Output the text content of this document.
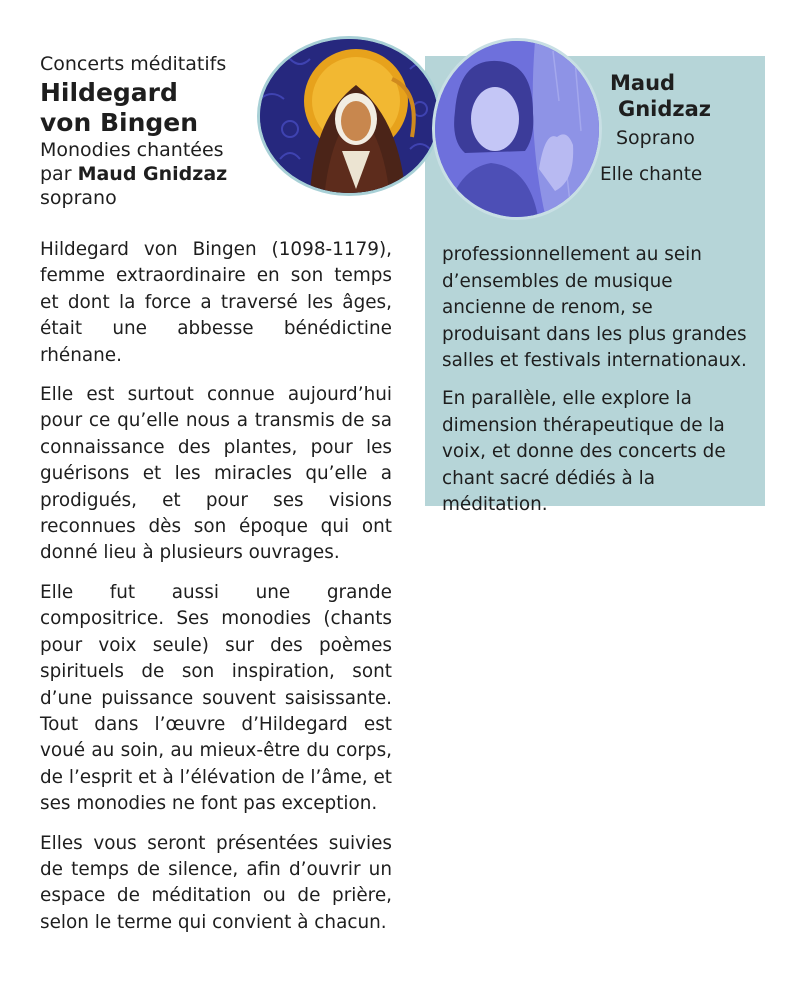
Concerts méditatifs

Hildegard
von Bingen

Monodies chantées

par Maud Gnidzaz

soprano

Hildegard von Bingen (1098-1179), femme extraordinaire en son temps et dont la force a traversé les âges, était une abbesse bénédictine rhénane.

Elle est surtout connue aujourd’hui pour ce qu’elle nous a transmis de sa connaissance des plantes, pour les guérisons et les miracles qu’elle a prodigués, et pour ses visions reconnues dès son époque qui ont donné lieu à plusieurs ouvrages.

Elle fut aussi une grande compositrice. Ses monodies (chants pour voix seule) sur des poèmes spirituels de son inspiration, sont d’une puissance souvent saisissante. Tout dans l’œuvre d’Hildegard est voué au soin, au mieux-être du corps, de l’esprit et à l’élévation de l’âme, et ses monodies ne font pas exception.

Elles vous seront présentées suivies de temps de silence, afin d’ouvrir un espace de méditation ou de prière, selon le terme qui convient à chacun.

Maud
Gnidzaz
Soprano

Elle chante professionnellement au sein d’ensembles de musique ancienne de renom, se produisant dans les plus grandes salles et festivals internationaux.

En parallèle, elle explore la dimension thérapeutique de la voix, et donne des concerts de chant sacré dédiés à la méditation.
